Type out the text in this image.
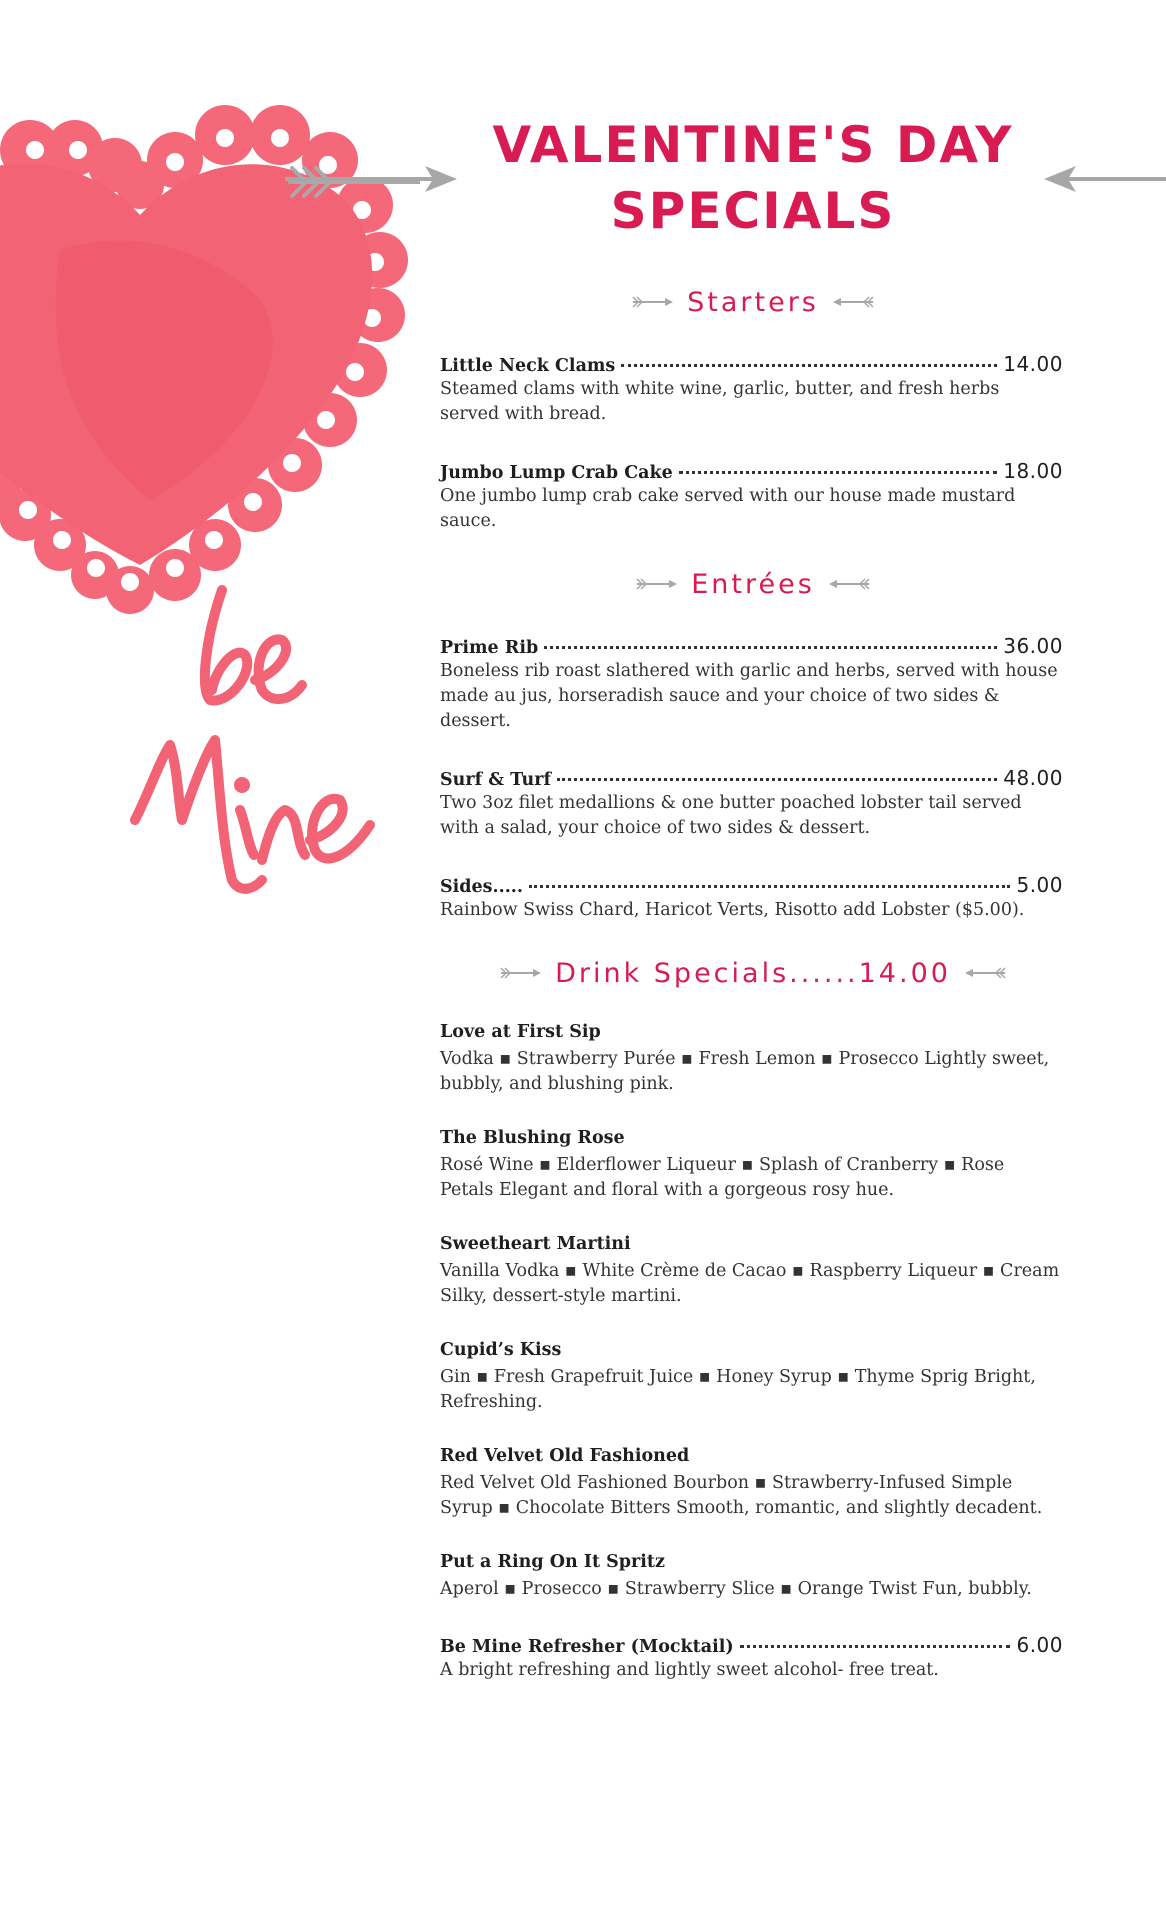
VALENTINE'S DAY
SPECIALS
Starters
Little Neck Clams	14.00
Steamed clams with white wine, garlic, butter, and fresh herbs served with bread.
Jumbo Lump Crab Cake	18.00
One jumbo lump crab cake served with our house made mustard sauce.
Entrées
Prime Rib	36.00
Boneless rib roast slathered with garlic and herbs, served with house made au jus, horseradish sauce and your choice of two sides & dessert.
Surf & Turf	48.00
Two 3oz filet medallions & one butter poached lobster tail served with a salad, your choice of two sides & dessert.
Sides.....	5.00
Rainbow Swiss Chard, Haricot Verts, Risotto add Lobster ($5.00).
Drink Specials......14.00
Love at First Sip
Vodka ▪ Strawberry Purée ▪ Fresh Lemon ▪ Prosecco Lightly sweet, bubbly, and blushing pink.
The Blushing Rose
Rosé Wine ▪ Elderflower Liqueur ▪ Splash of Cranberry ▪ Rose Petals Elegant and floral with a gorgeous rosy hue.
Sweetheart Martini
Vanilla Vodka ▪ White Crème de Cacao ▪ Raspberry Liqueur ▪ Cream Silky, dessert-style martini.
Cupid’s Kiss
Gin ▪ Fresh Grapefruit Juice ▪ Honey Syrup ▪ Thyme Sprig Bright, Refreshing.
Red Velvet Old Fashioned
Red Velvet Old Fashioned Bourbon ▪ Strawberry-Infused Simple Syrup ▪ Chocolate Bitters Smooth, romantic, and slightly decadent.
Put a Ring On It Spritz
Aperol ▪ Prosecco ▪ Strawberry Slice ▪ Orange Twist Fun, bubbly.
Be Mine Refresher (Mocktail)	6.00
A bright refreshing and lightly sweet alcohol- free treat.
